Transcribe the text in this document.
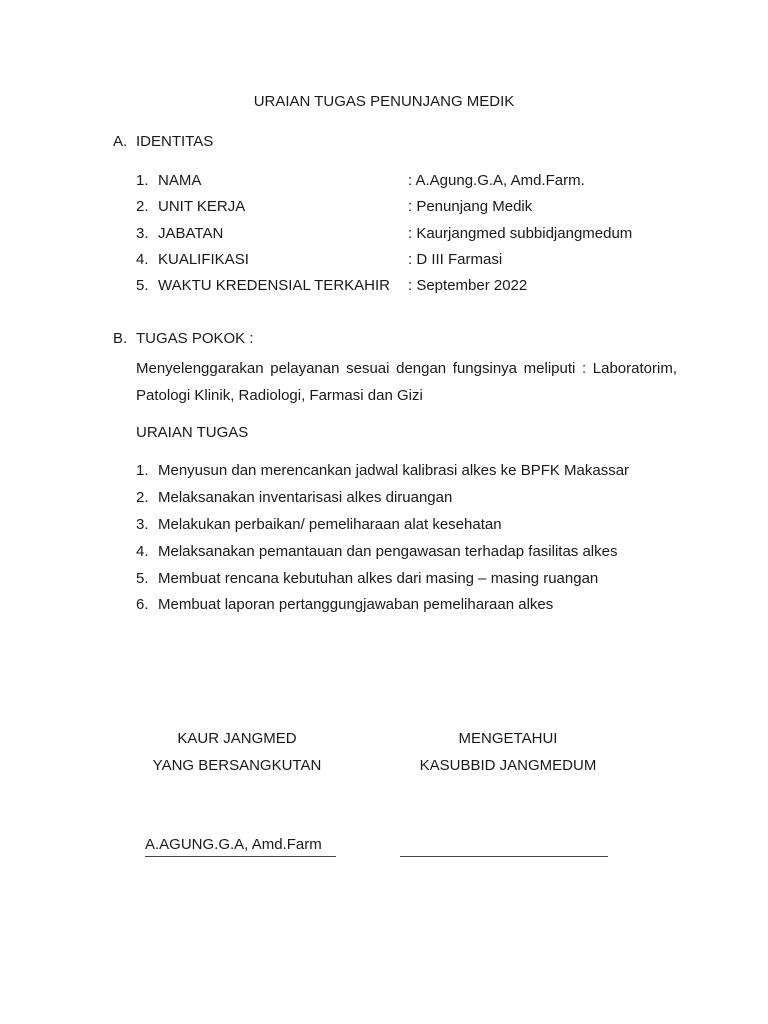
URAIAN TUGAS PENUNJANG MEDIK
A. IDENTITAS
1. NAMA	: A.Agung.G.A, Amd.Farm.
2. UNIT KERJA	: Penunjang Medik
3. JABATAN	: Kaurjangmed subbidjangmedum
4. KUALIFIKASI	: D III Farmasi
5. WAKTU KREDENSIAL TERKAHIR : September 2022
B. TUGAS POKOK :
Menyelenggarakan pelayanan sesuai dengan fungsinya meliputi : Laboratorim,
Patologi Klinik, Radiologi, Farmasi dan Gizi
URAIAN TUGAS
1. Menyusun dan merencankan jadwal kalibrasi alkes ke BPFK Makassar
2. Melaksanakan inventarisasi alkes diruangan
3. Melakukan perbaikan/ pemeliharaan alat kesehatan
4. Melaksanakan pemantauan dan pengawasan terhadap fasilitas alkes
5. Membuat rencana kebutuhan alkes dari masing – masing ruangan
6. Membuat laporan pertanggungjawaban pemeliharaan alkes
KAUR JANGMED
YANG BERSANGKUTAN
A.AGUNG.G.A, Amd.Farm
MENGETAHUI
KASUBBID JANGMEDUM
